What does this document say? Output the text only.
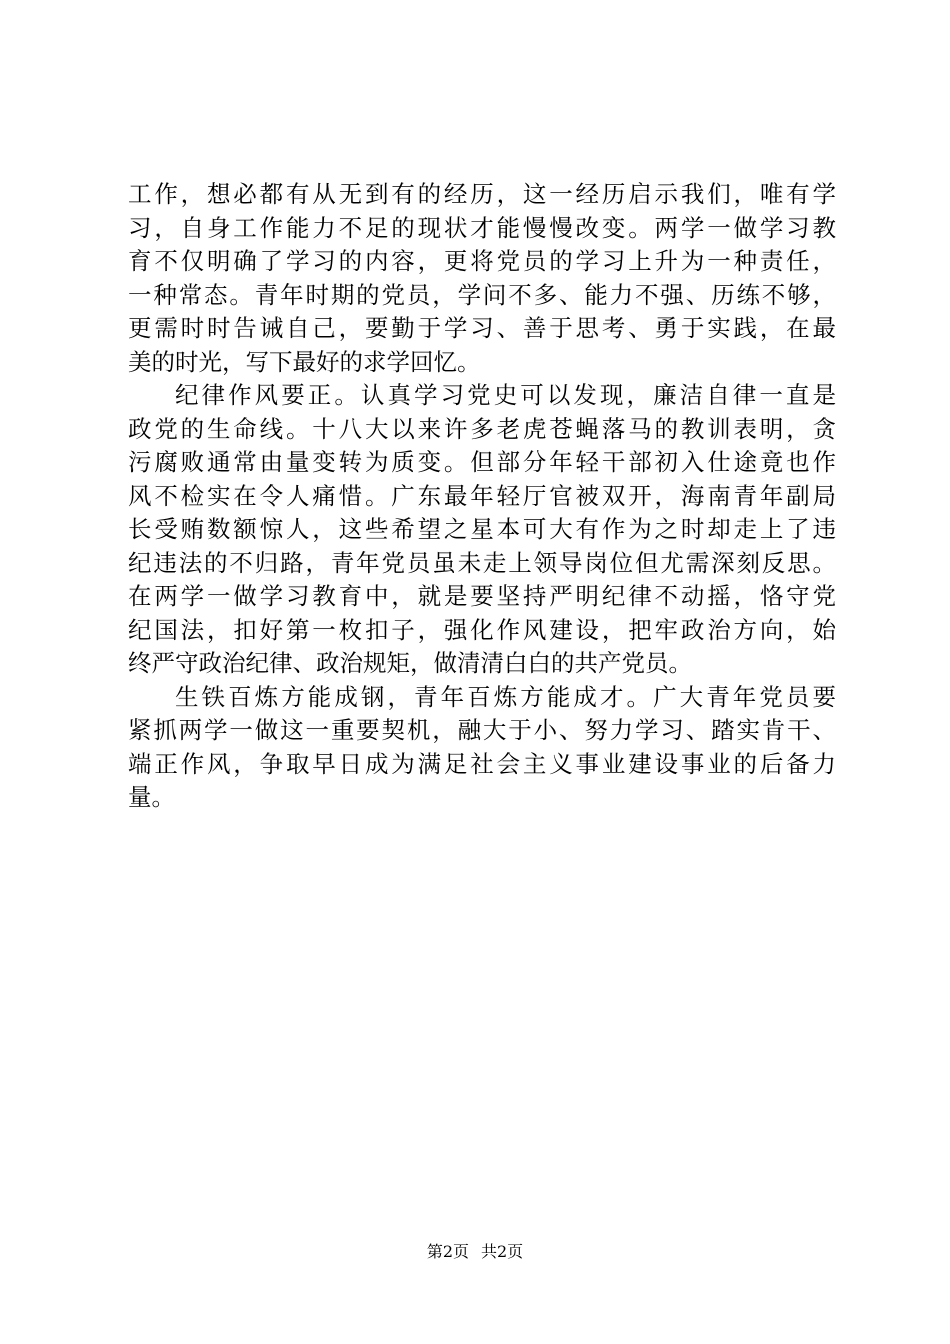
工作，想必都有从无到有的经历，这一经历启示我们，唯有学
习，自身工作能力不足的现状才能慢慢改变。两学一做学习教
育不仅明确了学习的内容，更将党员的学习上升为一种责任，
一种常态。青年时期的党员，学问不多、能力不强、历练不够，
更需时时告诫自己，要勤于学习、善于思考、勇于实践，在最
美的时光，写下最好的求学回忆。
纪律作风要正。认真学习党史可以发现，廉洁自律一直是
政党的生命线。十八大以来许多老虎苍蝇落马的教训表明，贪
污腐败通常由量变转为质变。但部分年轻干部初入仕途竟也作
风不检实在令人痛惜。广东最年轻厅官被双开，海南青年副局
长受贿数额惊人，这些希望之星本可大有作为之时却走上了违
纪违法的不归路，青年党员虽未走上领导岗位但尤需深刻反思。
在两学一做学习教育中，就是要坚持严明纪律不动摇，恪守党
纪国法，扣好第一枚扣子，强化作风建设，把牢政治方向，始
终严守政治纪律、政治规矩，做清清白白的共产党员。
生铁百炼方能成钢，青年百炼方能成才。广大青年党员要
紧抓两学一做这一重要契机，融大于小、努力学习、踏实肯干、
端正作风，争取早日成为满足社会主义事业建设事业的后备力
量。
第2页 共2页
